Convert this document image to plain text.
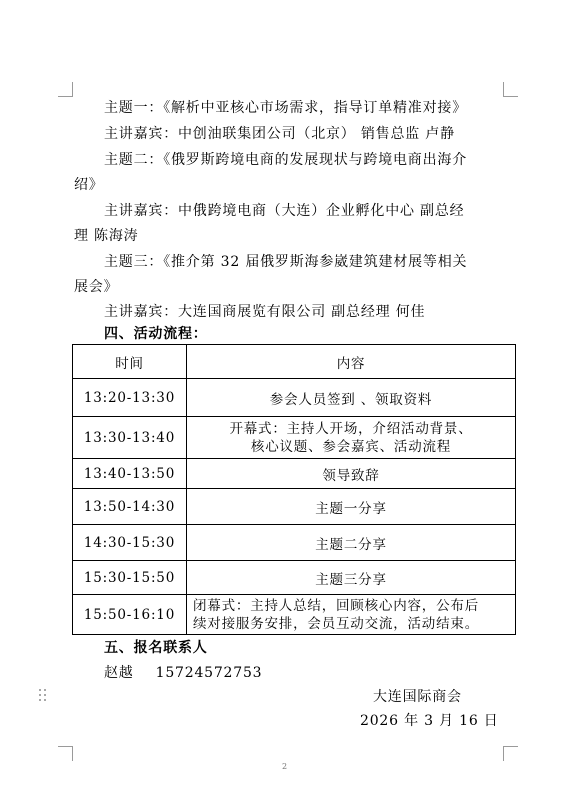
主题一：《解析中亚核心市场需求，指导订单精准对接》
主讲嘉宾：中创油联集团公司（北京） 销售总监 卢静
主题二：《俄罗斯跨境电商的发展现状与跨境电商出海介
绍》
主讲嘉宾：中俄跨境电商（大连）企业孵化中心 副总经
理 陈海涛
主题三：《推介第 32 届俄罗斯海参崴建筑建材展等相关
展会》
主讲嘉宾：大连国商展览有限公司 副总经理 何佳
四、活动流程：
时间	内容
13:20-13:30	参会人员签到 、领取资料
13:30-13:40	开幕式：主持人开场，介绍活动背景、
核心议题、参会嘉宾、活动流程

13:40-13:50	领导致辞
13:50-14:30	主题一分享
14:30-15:30	主题二分享
15:30-15:50	主题三分享
15:50-16:10	闭幕式：主持人总结，回顾核心内容，公布后
续对接服务安排，会员互动交流，活动结束。
五、报名联系人
赵越 15724572753
大连国际商会
2026 年 3 月 16 日
2
